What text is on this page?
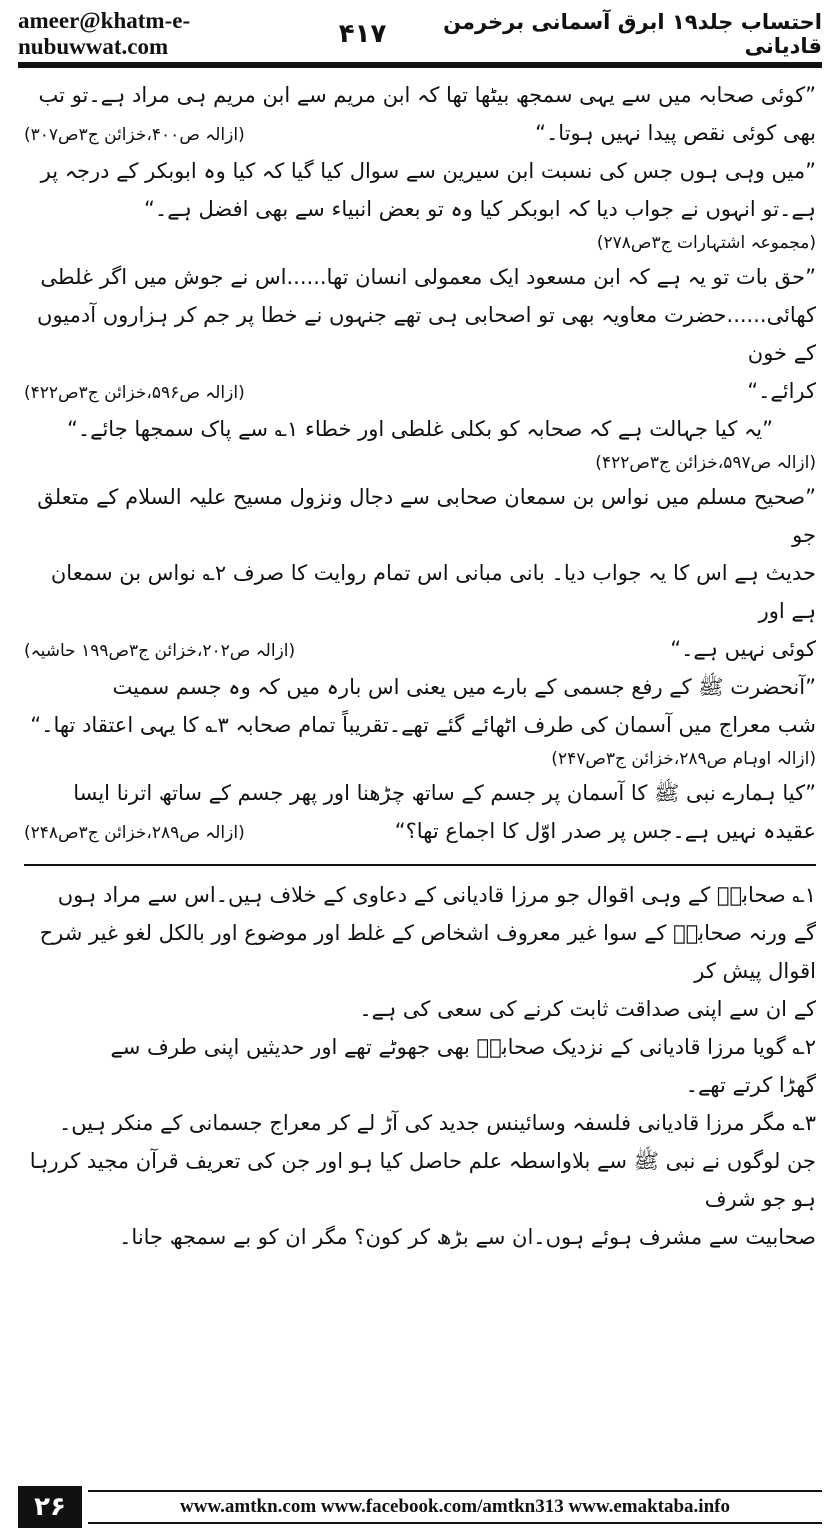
ameer@khatm-e-nubuwwat.com	۴۱۷	احتساب جلد۱۹ ابرق آسمانی برخرمن قادیانی
”کوئی صحابہ میں سے یہی سمجھ بیٹھا تھا کہ ابن مریم سے ابن مریم ہی مراد ہے۔تو تب
بھی کوئی نقص پیدا نہیں ہوتا۔“
(ازالہ ص۴۰۰،خزائن ج۳ص۳۰۷)
”میں وہی ہوں جس کی نسبت ابن سیرین سے سوال کیا گیا کہ کیا وہ ابوبکر کے درجہ پر
ہے۔تو انہوں نے جواب دیا کہ ابوبکر کیا وہ تو بعض انبیاء سے بھی افضل ہے۔“
(مجموعہ اشتہارات ج۳ص۲۷۸)
”حق بات تو یہ ہے کہ ابن مسعود ایک معمولی انسان تھا......اس نے جوش میں اگر غلطی
کھائی......حضرت معاویہ بھی تو اصحابی ہی تھے جنہوں نے خطا پر جم کر ہزاروں آدمیوں کے خون
کرائے۔“
(ازالہ ص۵۹۶،خزائن ج۳ص۴۲۲)
”یہ کیا جہالت ہے کہ صحابہ کو بکلی غلطی اور خطاء ۱؎ سے پاک سمجھا جائے۔“
(ازالہ ص۵۹۷،خزائن ج۳ص۴۲۲)
”صحیح مسلم میں نواس بن سمعان صحابی سے دجال ونزول مسیح علیہ السلام کے متعلق جو
حدیث ہے اس کا یہ جواب دیا۔ بانی مبانی اس تمام روایت کا صرف ۲؎ نواس بن سمعان ہے اور
کوئی نہیں ہے۔“
(ازالہ ص۲۰۲،خزائن ج۳ص۱۹۹ حاشیہ)
”آنحضرت ﷺ کے رفع جسمی کے بارے میں یعنی اس بارہ میں کہ وہ جسم سمیت
شب معراج میں آسمان کی طرف اٹھائے گئے تھے۔تقریباً تمام صحابہ ۳؎ کا یہی اعتقاد تھا۔“
(ازالہ اوہام ص۲۸۹،خزائن ج۳ص۲۴۷)
”کیا ہمارے نبی ﷺ کا آسمان پر جسم کے ساتھ چڑھنا اور پھر جسم کے ساتھ اترنا ایسا
عقیدہ نہیں ہے۔جس پر صدر اوّل کا اجماع تھا؟“
(ازالہ ص۲۸۹،خزائن ج۳ص۲۴۸)
۱؎ صحابہؓ کے وہی اقوال جو مرزا قادیانی کے دعاوی کے خلاف ہیں۔اس سے مراد ہوں
گے ورنہ صحابہؓ کے سوا غیر معروف اشخاص کے غلط اور موضوع اور بالکل لغو غیر شرح اقوال پیش کر
کے ان سے اپنی صداقت ثابت کرنے کی سعی کی ہے۔
۲؎ گویا مرزا قادیانی کے نزدیک صحابہؓ بھی جھوٹے تھے اور حدیثیں اپنی طرف سے
گھڑا کرتے تھے۔
۳؎ مگر مرزا قادیانی فلسفہ وسائینس جدید کی آڑ لے کر معراج جسمانی کے منکر ہیں۔
جن لوگوں نے نبی ﷺ سے بلاواسطہ علم حاصل کیا ہو اور جن کی تعریف قرآن مجید کررہا ہو جو شرف
صحابیت سے مشرف ہوئے ہوں۔ان سے بڑھ کر کون؟ مگر ان کو بے سمجھ جانا۔
۲۶	www.amtkn.com www.facebook.com/amtkn313 www.emaktaba.info
